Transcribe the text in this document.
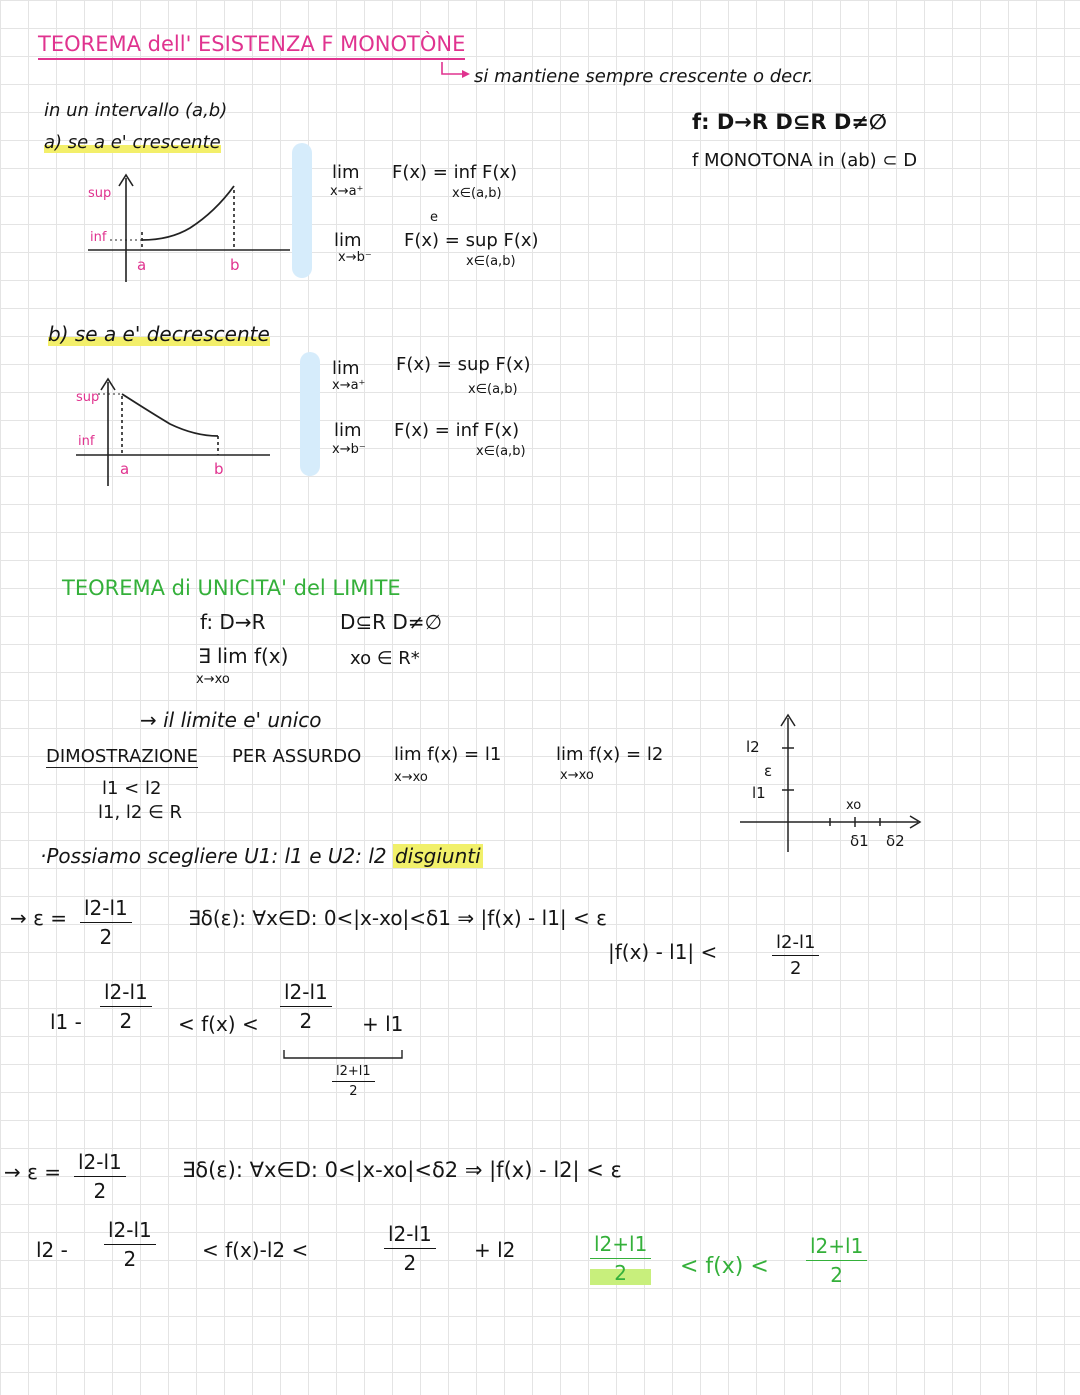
TEOREMA dell' ESISTENZA F MONOTÒNE
si mantiene sempre crescente o decr.
f: D→R D⊆R D≠∅
f MONOTONA in (ab) ⊂ D
in un intervallo (a,b)
a) se a e' crescente
sup
inf
a	b
lim
x→a⁺
F(x) = inf F(x)
x∈(a,b)
e
lim
x→b⁻
F(x) = sup F(x)
x∈(a,b)
b) se a e' decrescente
sup
inf
a	b
lim
x→a⁺
F(x) = sup F(x)
x∈(a,b)
lim
x→b⁻
F(x) = inf F(x)
x∈(a,b)
TEOREMA di UNICITA' del LIMITE
f: D→R	D⊆R D≠∅
∃ lim f(x)
x→xo
xo ∈ R*
→ il limite e' unico
DIMOSTRAZIONE PER ASSURDO lim f(x) = l1
x→xo
lim f(x) = l2
x→xo
l1 < l2
l1, l2 ∈ R
l2
ε
l1
xo
δ1 δ2
·Possiamo scegliere U1: l1 e U2: l2 disgiunti
→ $\varepsilon = \frac{l2-l1}{2}$	∃δ(ε): ∀x∈D: 0<|x-xo|<δ1 ⇒ |f(x) - l1| < ε
|f(x) - l1| <	$\frac{l2-l1}{2}$
$l1 - \frac{l2-l1}{2} < f(x) < \frac{l2-l1}{2} + l1$
$\frac{l2+l1}{2}$
→ $\varepsilon = \frac{l2-l1}{2}$	∃δ(ε): ∀x∈D: 0<|x-xo|<δ2 ⇒ |f(x) - l2| < ε
$l2 - \frac{l2-l1}{2} < f(x)-l2$ <	$\frac{l2-l1}{2} + l2$	$\frac{l2+l1}{2} < f(x) < \frac{l2+l1}{2}$
